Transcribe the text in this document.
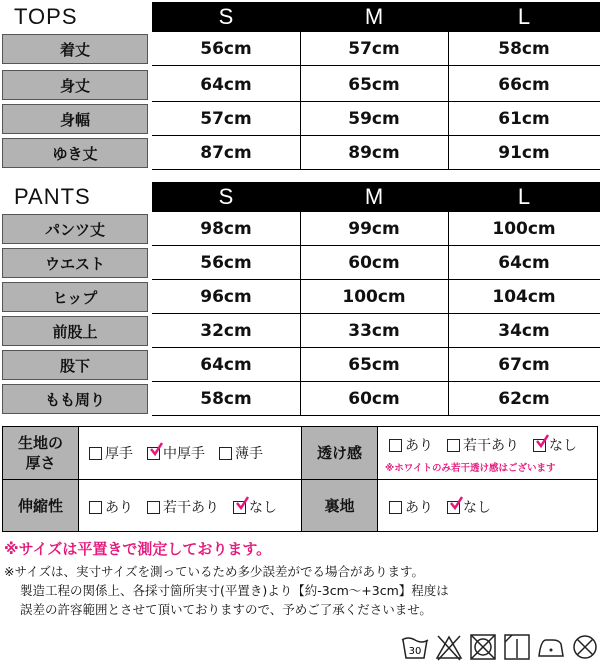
TOPS	S	M	L
着丈	56cm	57cm	58cm
身丈	64cm	65cm	66cm
身幅	57cm	59cm	61cm
ゆき丈	87cm	89cm	91cm
PANTS	S	M	L
パンツ丈	98cm	99cm	100cm
ウエスト	56cm	60cm	64cm
ヒップ	96cm	100cm	104cm
前股上	32cm	33cm	34cm
股下	64cm	65cm	67cm
もも周り	58cm	60cm	62cm
生地の
厚さ	厚手 中厚手 薄手	透け感	あり 若干あり なし
※ホワイトのみ若干透け感はございます
伸縮性	あり 若干あり なし	裏地	あり なし
※サイズは平置きで測定しております。
※サイズは、実寸サイズを測っているため多少誤差がでる場合があります。
製造工程の関係上、各採寸箇所実寸(平置き)より【約-3cm〜+3cm】程度は
誤差の許容範囲とさせて頂いておりますので、予めご了承くださいませ。
30
